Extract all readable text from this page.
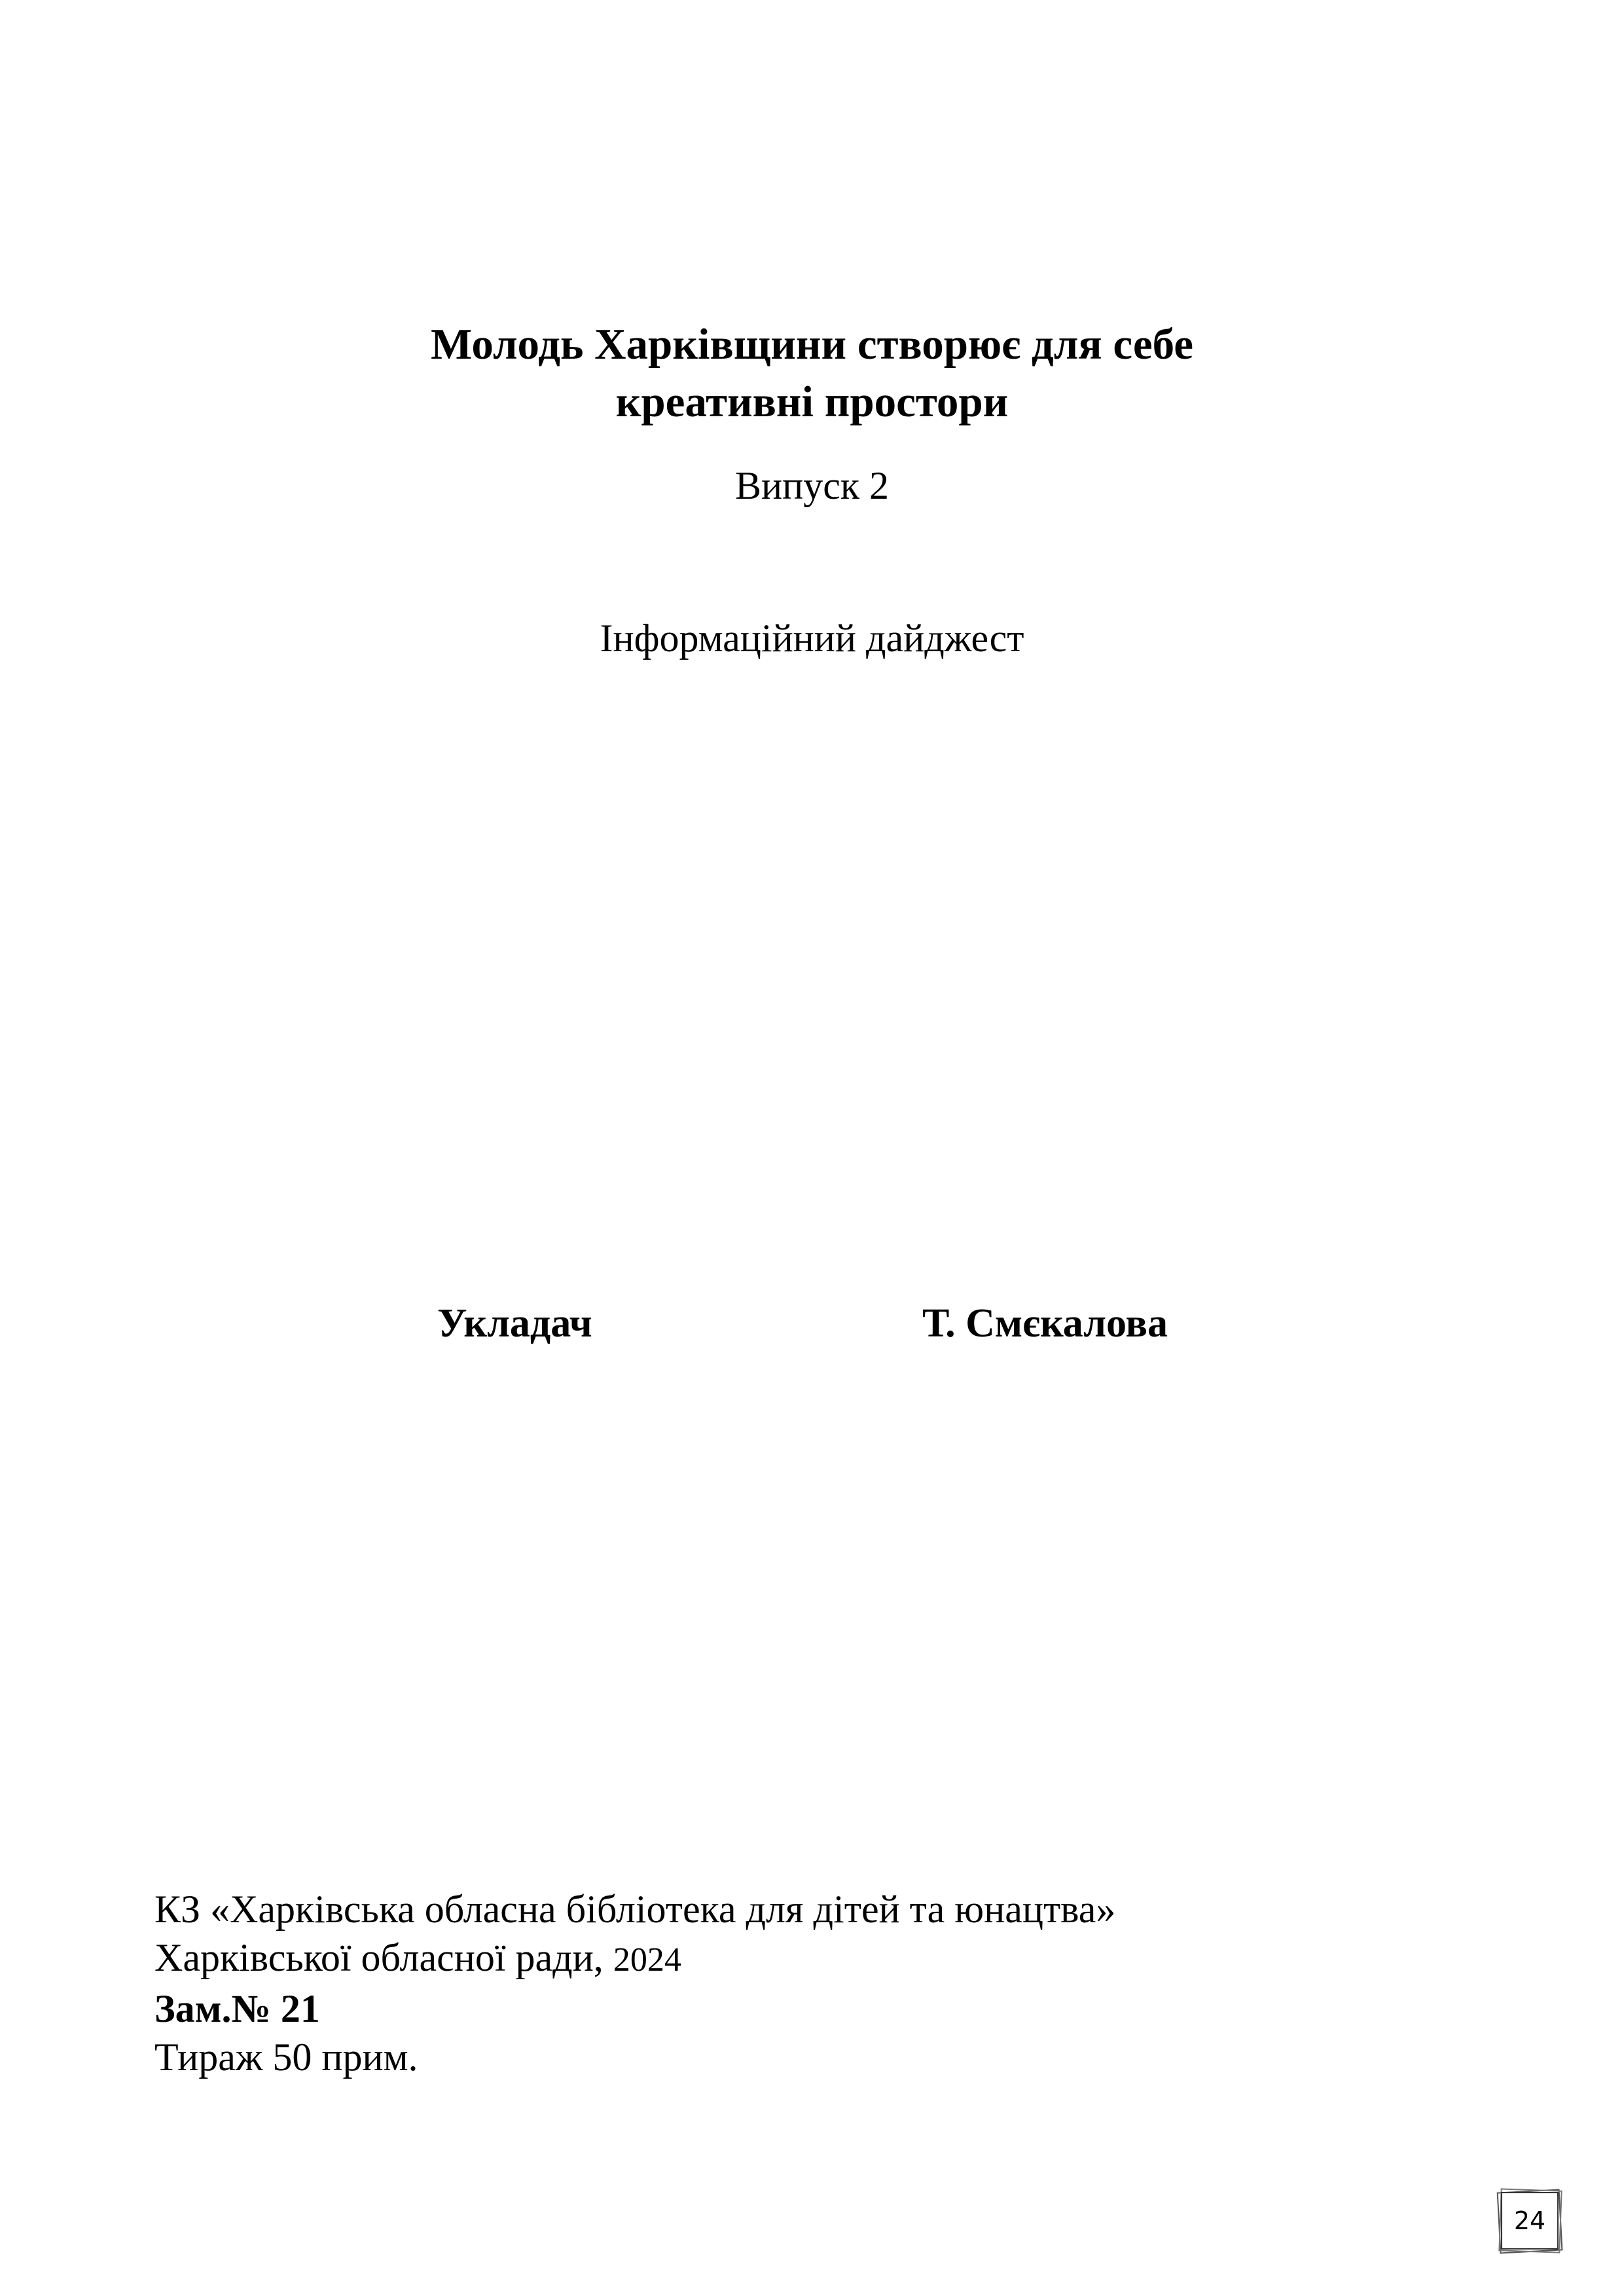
Молодь Харківщини створює для себе
креативні простори
Випуск 2
Інформаційний дайджест
Укладач	Т. Смєкалова
КЗ «Харківська обласна бібліотека для дітей та юнацтва»
Харківської обласної ради, 2024
Зам.№ 21
Тираж 50 прим.
24
